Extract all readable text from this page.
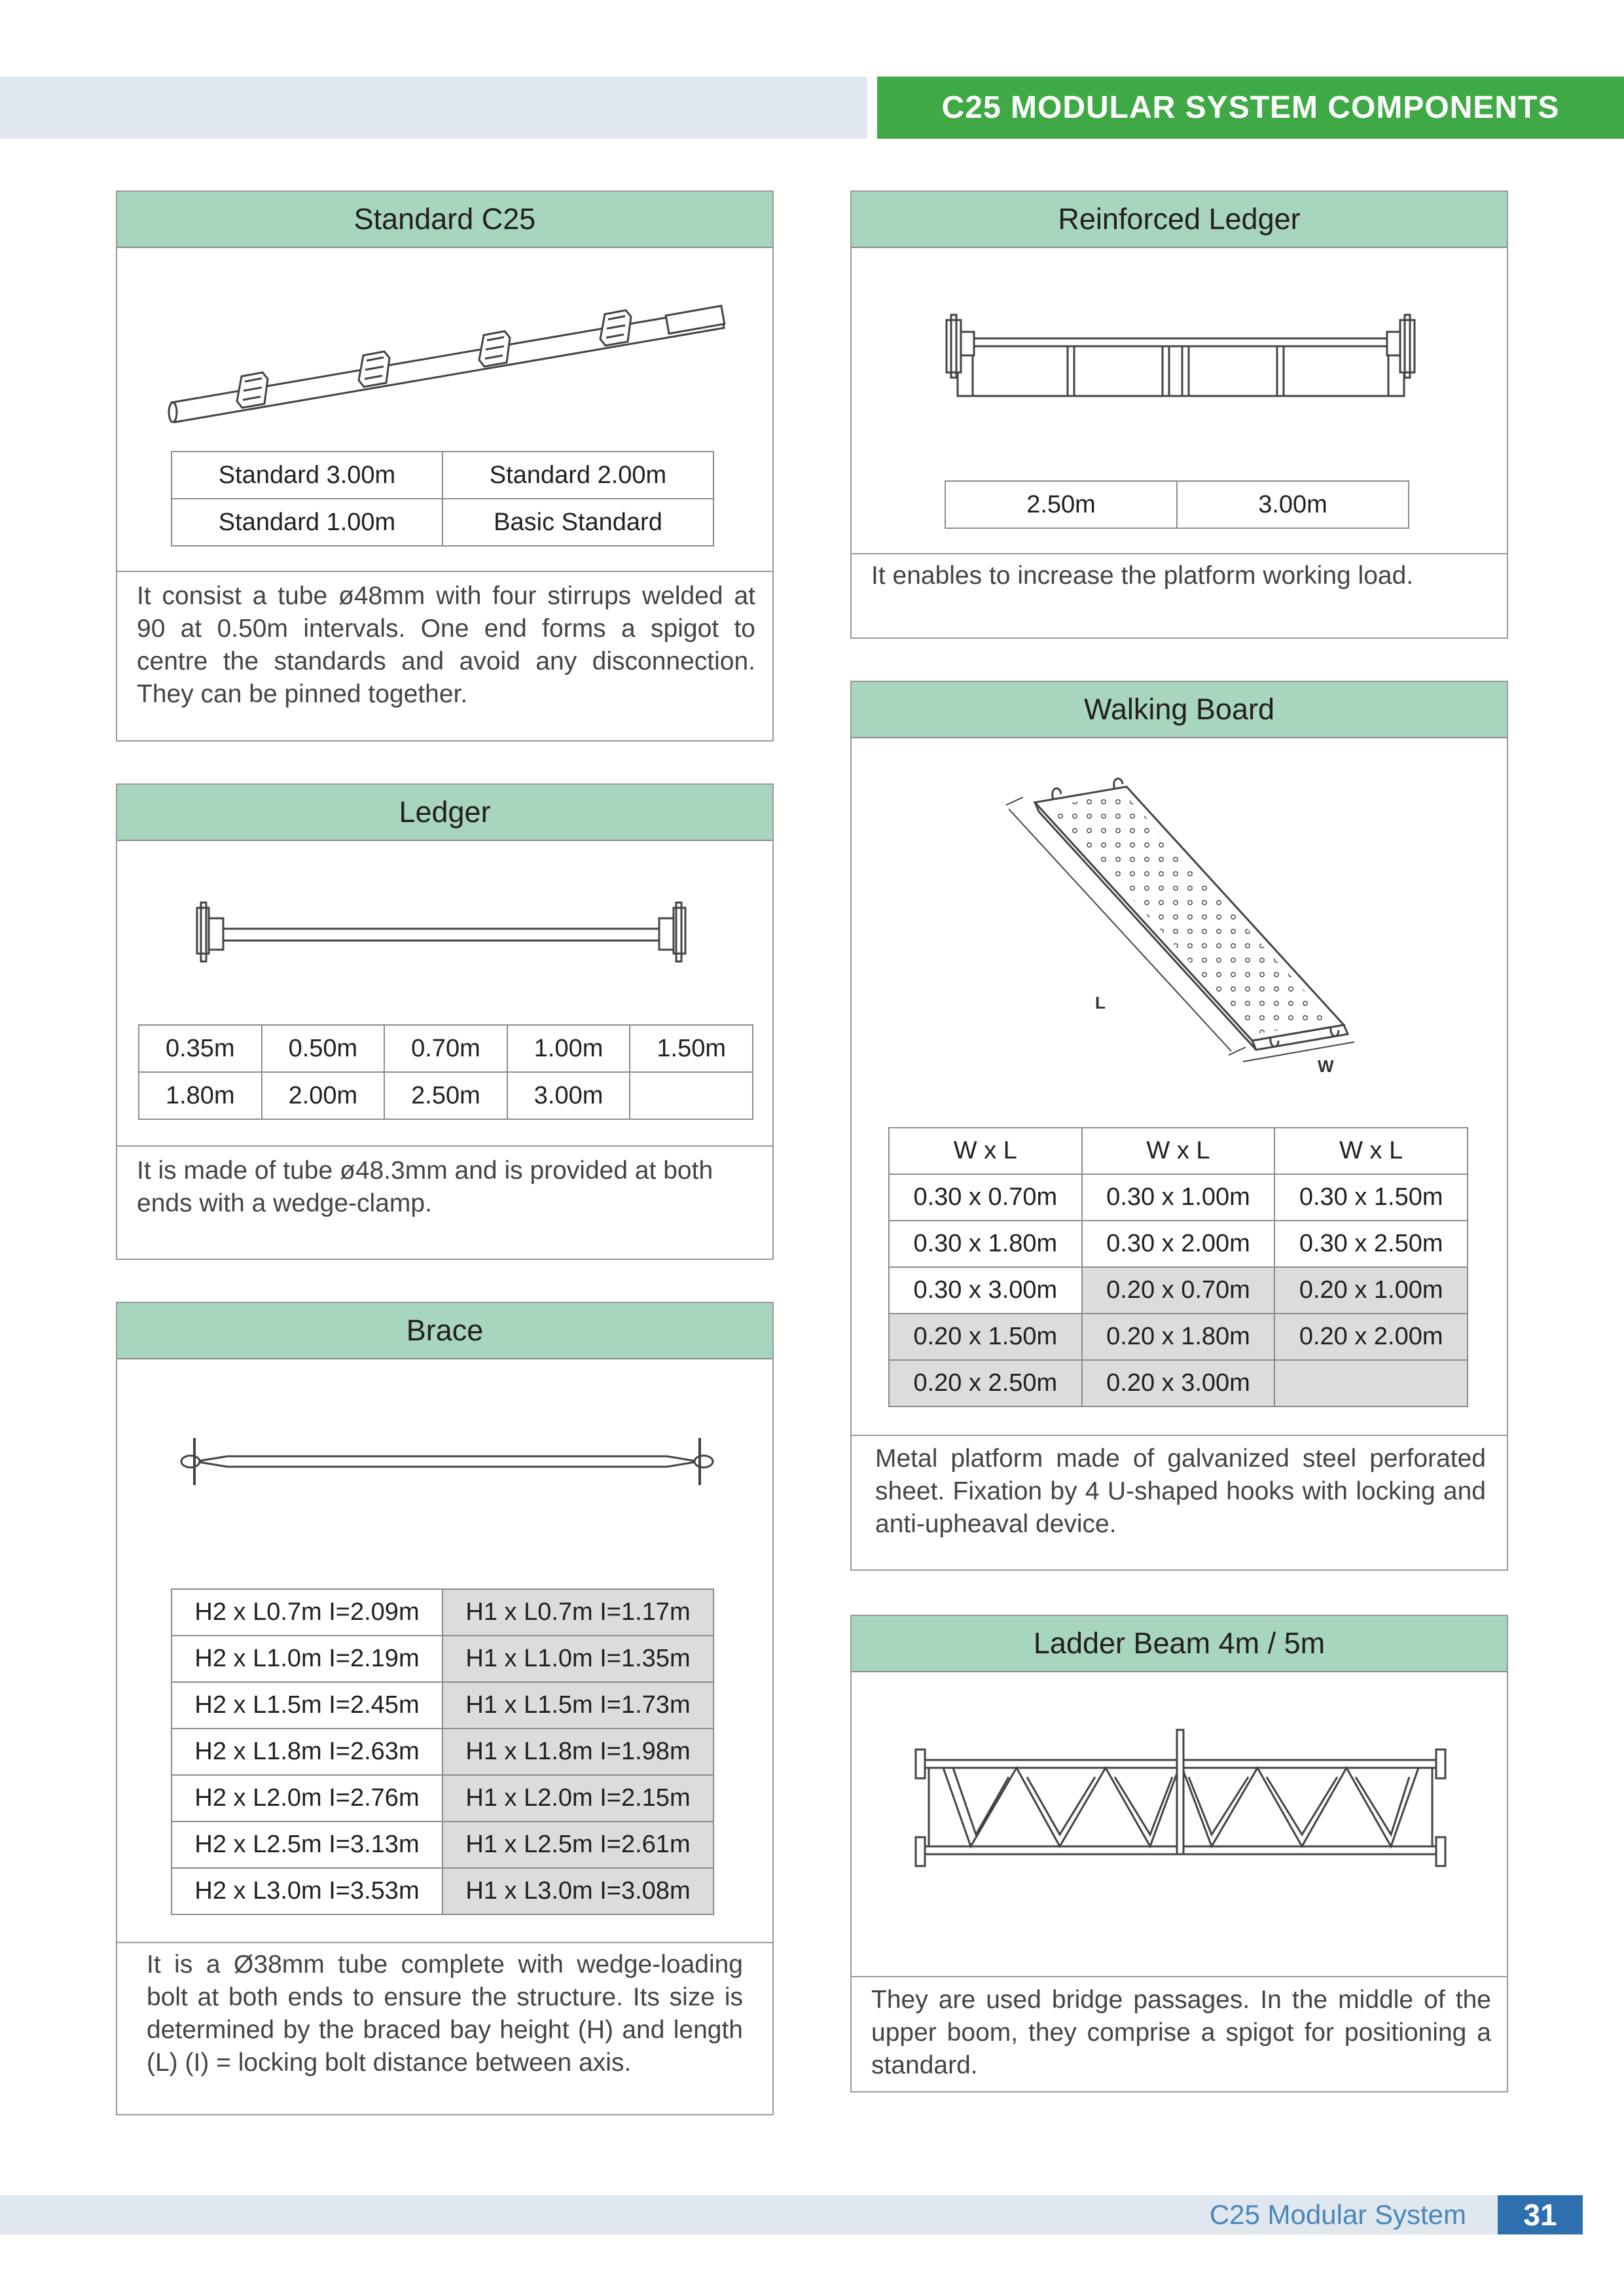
C25 MODULAR SYSTEM COMPONENTS
Standard C25
Standard 3.00m	Standard 2.00m
Standard 1.00m	Basic Standard
It consist a tube ø48mm with four stirrups welded at 90 at 0.50m intervals. One end forms a spigot to centre the standards and avoid any disconnection. They can be pinned together.
Ledger
0.35m	0.50m	0.70m	1.00m	1.50m
1.80m	2.00m	2.50m	3.00m	
It is made of tube ø48.3mm and is provided at both ends with a wedge-clamp.
Brace
H2 x L0.7m I=2.09m	H1 x L0.7m I=1.17m
H2 x L1.0m I=2.19m	H1 x L1.0m I=1.35m
H2 x L1.5m I=2.45m	H1 x L1.5m I=1.73m
H2 x L1.8m I=2.63m	H1 x L1.8m I=1.98m
H2 x L2.0m I=2.76m	H1 x L2.0m I=2.15m
H2 x L2.5m I=3.13m	H1 x L2.5m I=2.61m
H2 x L3.0m I=3.53m	H1 x L3.0m I=3.08m
It is a Ø38mm tube complete with wedge-loading bolt at both ends to ensure the structure. Its size is determined by the braced bay height (H) and length (L) (I) = locking bolt distance between axis.
Reinforced Ledger
2.50m	3.00m
It enables to increase the platform working load.
Walking Board
L
W
W x L	W x L	W x L
0.30 x 0.70m	0.30 x 1.00m	0.30 x 1.50m
0.30 x 1.80m	0.30 x 2.00m	0.30 x 2.50m
0.30 x 3.00m	0.20 x 0.70m	0.20 x 1.00m
0.20 x 1.50m	0.20 x 1.80m	0.20 x 2.00m
0.20 x 2.50m	0.20 x 3.00m	
Metal platform made of galvanized steel perforated sheet. Fixation by 4 U-shaped hooks with locking and anti-upheaval device.
Ladder Beam 4m / 5m
They are used bridge passages. In the middle of the upper boom, they comprise a spigot for positioning a standard.
C25 Modular System	31
